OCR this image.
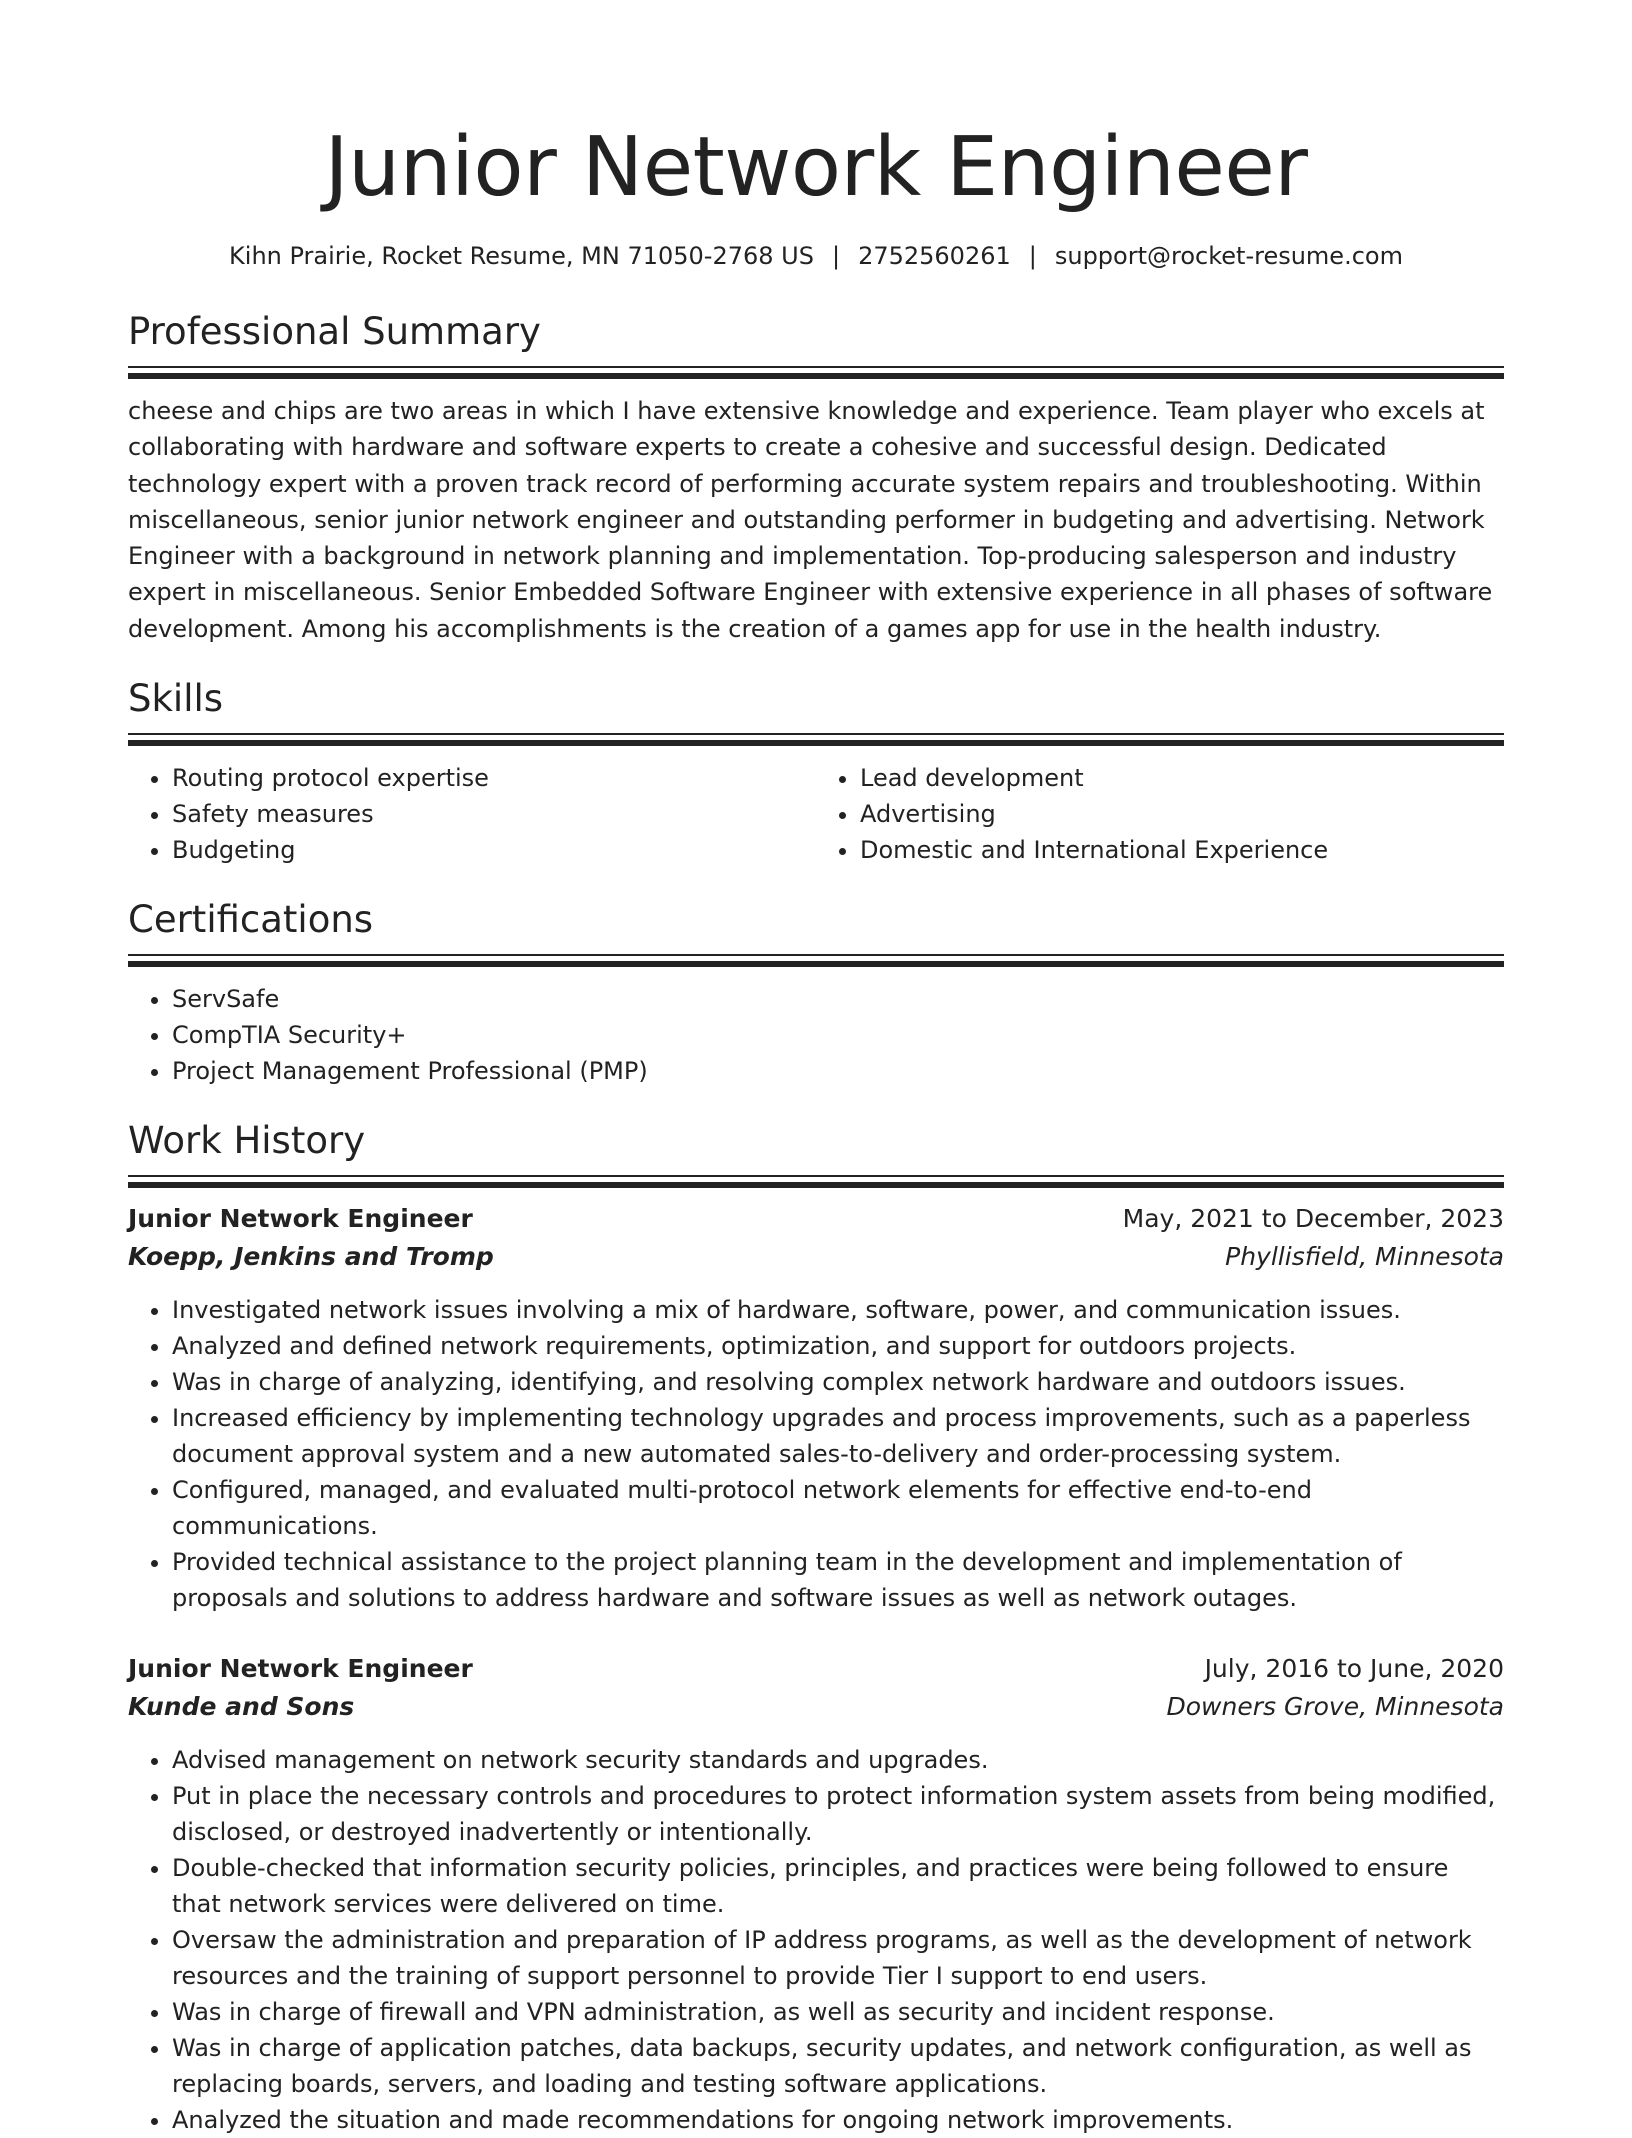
Junior Network Engineer
Kihn Prairie, Rocket Resume, MN 71050-2768 US | 2752560261 | support@rocket-resume.com
Professional Summary
cheese and chips are two areas in which I have extensive knowledge and experience. Team player who excels at collaborating with hardware and software experts to create a cohesive and successful design. Dedicated technology expert with a proven track record of performing accurate system repairs and troubleshooting. Within miscellaneous, senior junior network engineer and outstanding performer in budgeting and advertising. Network Engineer with a background in network planning and implementation. Top-producing salesperson and industry expert in miscellaneous. Senior Embedded Software Engineer with extensive experience in all phases of software development. Among his accomplishments is the creation of a games app for use in the health industry.
Skills
• Routing protocol expertise
• Safety measures
• Budgeting
• Lead development
• Advertising
• Domestic and International Experience
Certifications
• ServSafe
• CompTIA Security+
• Project Management Professional (PMP)
Work History
Junior Network Engineer	May, 2021 to December, 2023
Koepp, Jenkins and Tromp	Phyllisfield, Minnesota
• Investigated network issues involving a mix of hardware, software, power, and communication issues.
• Analyzed and defined network requirements, optimization, and support for outdoors projects.
• Was in charge of analyzing, identifying, and resolving complex network hardware and outdoors issues.
• Increased efficiency by implementing technology upgrades and process improvements, such as a paperless document approval system and a new automated sales-to-delivery and order-processing system.
• Configured, managed, and evaluated multi-protocol network elements for effective end-to-end communications.
• Provided technical assistance to the project planning team in the development and implementation of proposals and solutions to address hardware and software issues as well as network outages.
Junior Network Engineer	July, 2016 to June, 2020
Kunde and Sons	Downers Grove, Minnesota
• Advised management on network security standards and upgrades.
• Put in place the necessary controls and procedures to protect information system assets from being modified, disclosed, or destroyed inadvertently or intentionally.
• Double-checked that information security policies, principles, and practices were being followed to ensure that network services were delivered on time.
• Oversaw the administration and preparation of IP address programs, as well as the development of network resources and the training of support personnel to provide Tier I support to end users.
• Was in charge of firewall and VPN administration, as well as security and incident response.
• Was in charge of application patches, data backups, security updates, and network configuration, as well as replacing boards, servers, and loading and testing software applications.
• Analyzed the situation and made recommendations for ongoing network improvements.
